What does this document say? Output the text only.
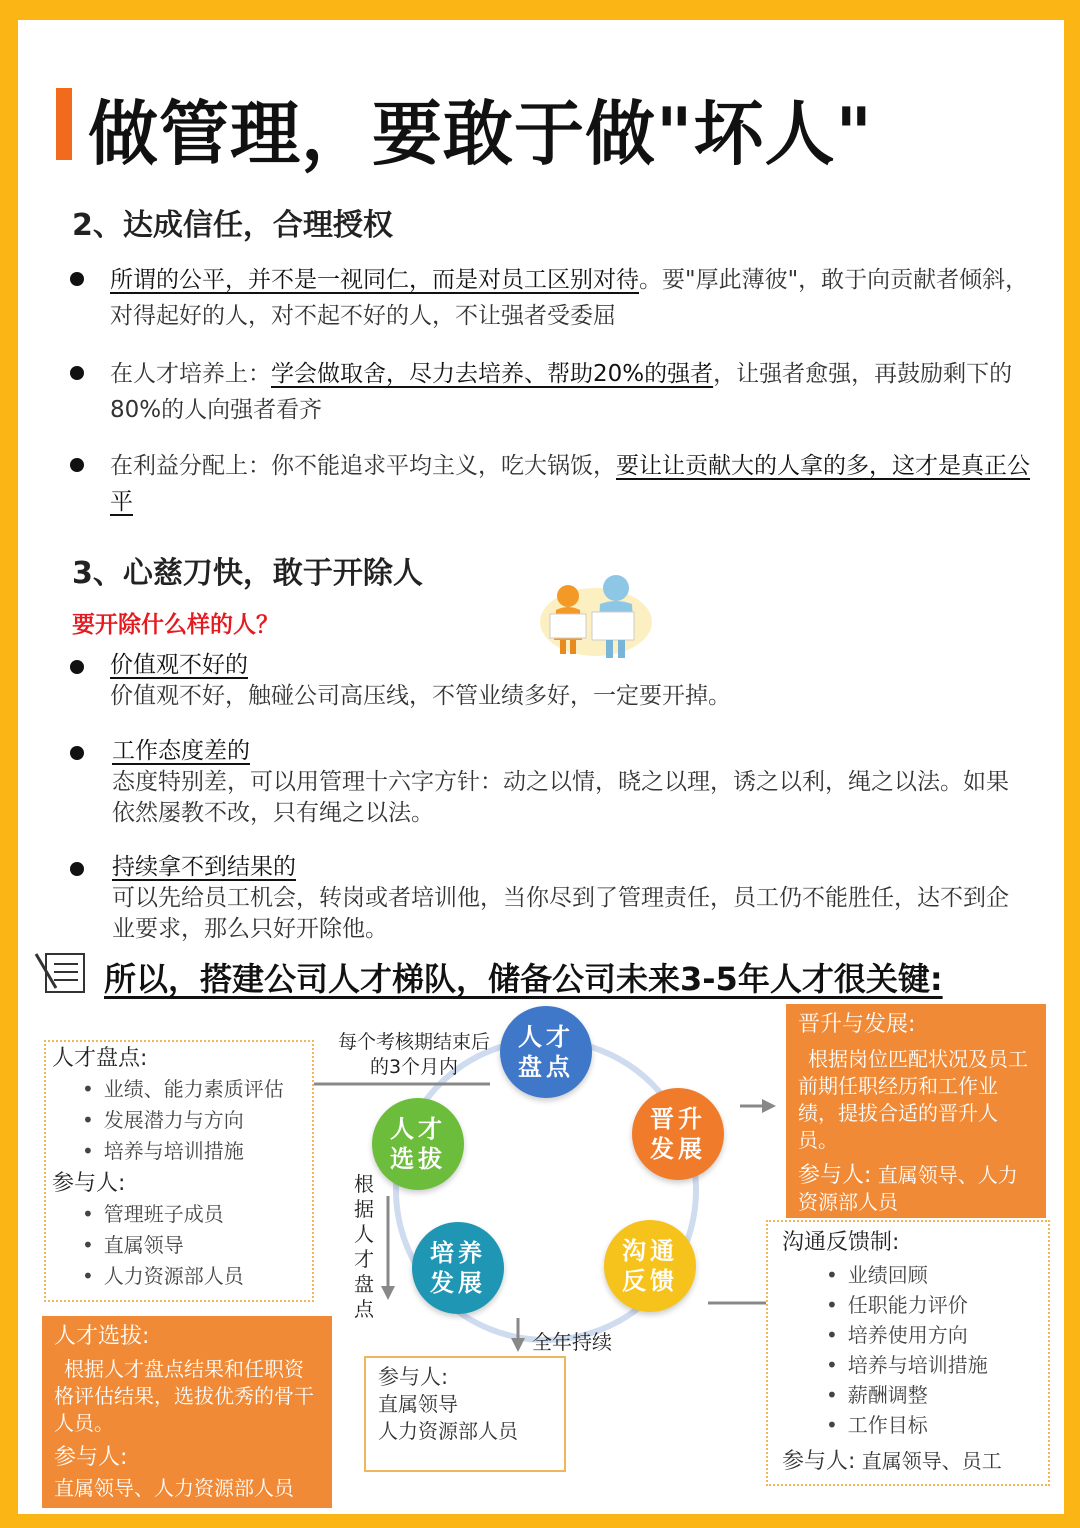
做管理，要敢于做"坏人"
2、达成信任，合理授权
所谓的公平，并不是一视同仁，而是对员工区别对待。要"厚此薄彼"，敢于向贡献者倾斜，对得起好的人，对不起不好的人，不让强者受委屈
在人才培养上：学会做取舍，尽力去培养、帮助20%的强者，让强者愈强，再鼓励剩下的80%的人向强者看齐
在利益分配上：你不能追求平均主义，吃大锅饭，要让让贡献大的人拿的多，这才是真正公平
3、心慈刀快，敢于开除人
要开除什么样的人？
价值观不好的
价值观不好，触碰公司高压线，不管业绩多好，一定要开掉。
工作态度差的
态度特别差，可以用管理十六字方针：动之以情，晓之以理，诱之以利，绳之以法。如果依然屡教不改，只有绳之以法。
持续拿不到结果的
可以先给员工机会，转岗或者培训他，当你尽到了管理责任，员工仍不能胜任，达不到企业要求，那么只好开除他。
所以，搭建公司人才梯队，储备公司未来3-5年人才很关键:
人才
盘点
晋升
发展
沟通
反馈
培养
发展
人才
选拔
每个考核期结束后的3个月内
根据人才盘点
全年持续
人才盘点:
• 业绩、能力素质评估
• 发展潜力与方向
• 培养与培训措施
参与人:
• 管理班子成员
• 直属领导
• 人力资源部人员
人才选拔:
根据人才盘点结果和任职资格评估结果，选拔优秀的骨干人员。
参与人:
直属领导、人力资源部人员
晋升与发展:
根据岗位匹配状况及员工前期任职经历和工作业绩，提拔合适的晋升人员。
参与人: 直属领导、人力资源部人员
沟通反馈制:
• 业绩回顾
• 任职能力评价
• 培养使用方向
• 培养与培训措施
• 薪酬调整
• 工作目标
参与人: 直属领导、员工
参与人:
直属领导
人力资源部人员
